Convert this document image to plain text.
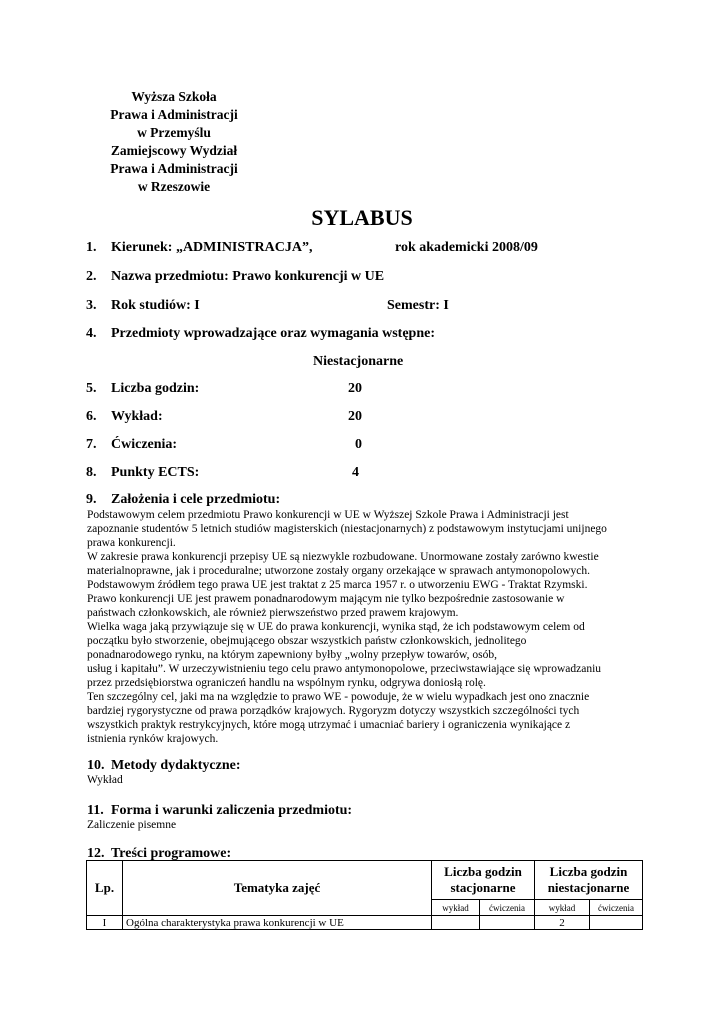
Wyższa Szkoła
Prawa i Administracji
w Przemyślu
Zamiejscowy Wydział
Prawa i Administracji
w Rzeszowie
SYLABUS
1. Kierunek: „ADMINISTRACJA”,	rok akademicki 2008/09
2. Nazwa przedmiotu: Prawo konkurencji w UE
3. Rok studiów: I	Semestr: I
4. Przedmioty wprowadzające oraz wymagania wstępne:
Niestacjonarne
5. Liczba godzin:	20
6. Wykład:	20
7. Ćwiczenia:	0
8. Punkty ECTS:	4
9. Założenia i cele przedmiotu:
Podstawowym celem przedmiotu Prawo konkurencji w UE w Wyższej Szkole Prawa i Administracji jest
zapoznanie studentów 5 letnich studiów magisterskich (niestacjonarnych) z podstawowym instytucjami unijnego
prawa konkurencji.
W zakresie prawa konkurencji przepisy UE są niezwykle rozbudowane. Unormowane zostały zarówno kwestie
materialnoprawne, jak i proceduralne; utworzone zostały organy orzekające w sprawach antymonopolowych.
Podstawowym źródłem tego prawa UE jest traktat z 25 marca 1957 r. o utworzeniu EWG - Traktat Rzymski.
Prawo konkurencji UE jest prawem ponadnarodowym mającym nie tylko bezpośrednie zastosowanie w
państwach członkowskich, ale również pierwszeństwo przed prawem krajowym.
Wielka waga jaką przywiązuje się w UE do prawa konkurencji, wynika stąd, że ich podstawowym celem od
początku było stworzenie, obejmującego obszar wszystkich państw członkowskich, jednolitego
ponadnarodowego rynku, na którym zapewniony byłby „wolny przepływ towarów, osób,
usług i kapitału”. W urzeczywistnieniu tego celu prawo antymonopolowe, przeciwstawiające się wprowadzaniu
przez przedsiębiorstwa ograniczeń handlu na wspólnym rynku, odgrywa doniosłą rolę.
Ten szczególny cel, jaki ma na względzie to prawo WE - powoduje, że w wielu wypadkach jest ono znacznie
bardziej rygorystyczne od prawa porządków krajowych. Rygoryzm dotyczy wszystkich szczególności tych
wszystkich praktyk restrykcyjnych, które mogą utrzymać i umacniać bariery i ograniczenia wynikające z
istnienia rynków krajowych.
10. Metody dydaktyczne:
Wykład
11. Forma i warunki zaliczenia przedmiotu:
Zaliczenie pisemne
12. Treści programowe:
Lp.	Tematyka zajęć	Liczba godzin stacjonarne		Liczba godzin niestacjonarne	
		wykład	ćwiczenia	wykład	ćwiczenia
I	Ogólna charakterystyka prawa konkurencji w UE			2	
